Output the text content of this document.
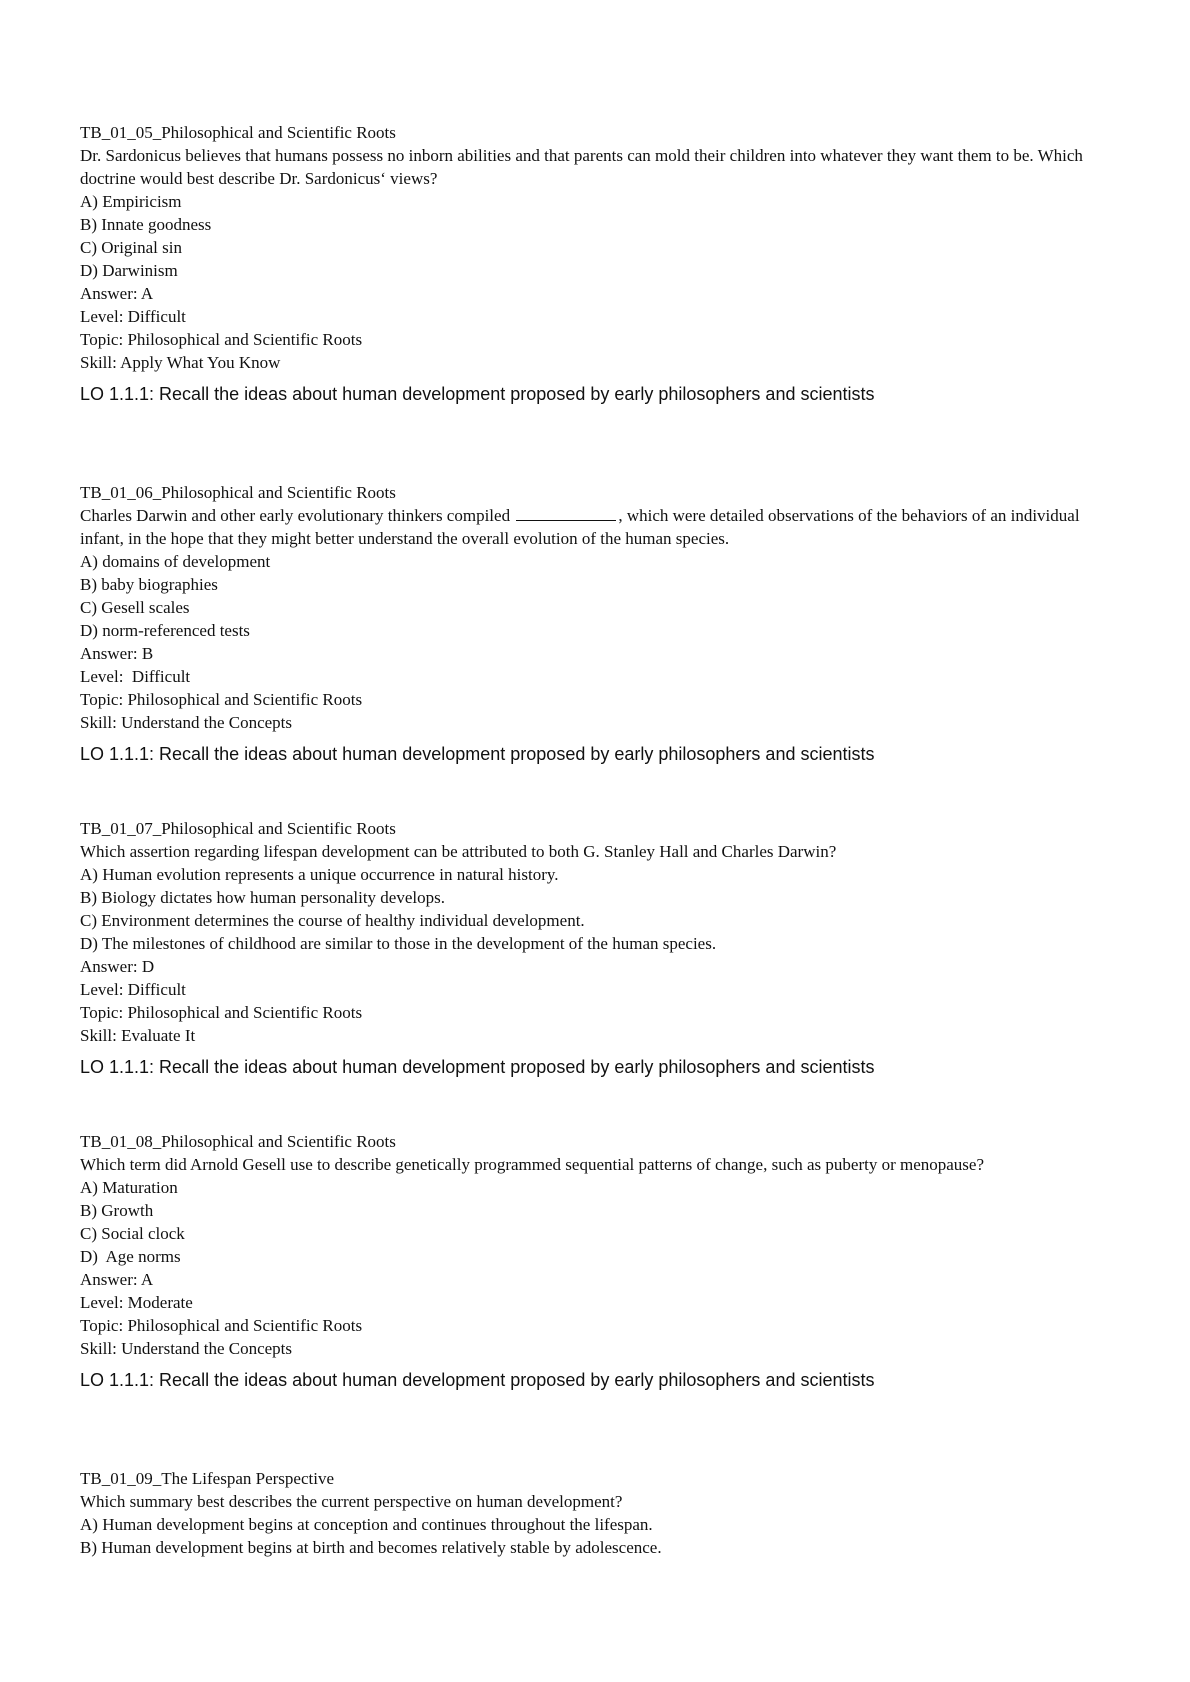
TB_01_05_Philosophical and Scientific Roots
Dr. Sardonicus believes that humans possess no inborn abilities and that parents can mold their children into whatever they want them to be. Which doctrine would best describe Dr. Sardonicus‘ views?
A) Empiricism
B) Innate goodness
C) Original sin
D) Darwinism
Answer: A
Level: Difficult
Topic: Philosophical and Scientific Roots
Skill: Apply What You Know
LO 1.1.1: Recall the ideas about human development proposed by early philosophers and scientists
TB_01_06_Philosophical and Scientific Roots
Charles Darwin and other early evolutionary thinkers compiled	, which were detailed observations of the behaviors of an individual infant, in the hope that they might better understand the overall evolution of the human species.
A) domains of development
B) baby biographies
C) Gesell scales
D) norm-referenced tests
Answer: B
Level:  Difficult
Topic: Philosophical and Scientific Roots
Skill: Understand the Concepts
LO 1.1.1: Recall the ideas about human development proposed by early philosophers and scientists
TB_01_07_Philosophical and Scientific Roots
Which assertion regarding lifespan development can be attributed to both G. Stanley Hall and Charles Darwin?
A) Human evolution represents a unique occurrence in natural history.
B) Biology dictates how human personality develops.
C) Environment determines the course of healthy individual development.
D) The milestones of childhood are similar to those in the development of the human species.
Answer: D
Level: Difficult
Topic: Philosophical and Scientific Roots
Skill: Evaluate It
LO 1.1.1: Recall the ideas about human development proposed by early philosophers and scientists
TB_01_08_Philosophical and Scientific Roots
Which term did Arnold Gesell use to describe genetically programmed sequential patterns of change, such as puberty or menopause?
A) Maturation
B) Growth
C) Social clock
D)  Age norms
Answer: A
Level: Moderate
Topic: Philosophical and Scientific Roots
Skill: Understand the Concepts
LO 1.1.1: Recall the ideas about human development proposed by early philosophers and scientists
TB_01_09_The Lifespan Perspective
Which summary best describes the current perspective on human development?
A) Human development begins at conception and continues throughout the lifespan.
B) Human development begins at birth and becomes relatively stable by adolescence.
